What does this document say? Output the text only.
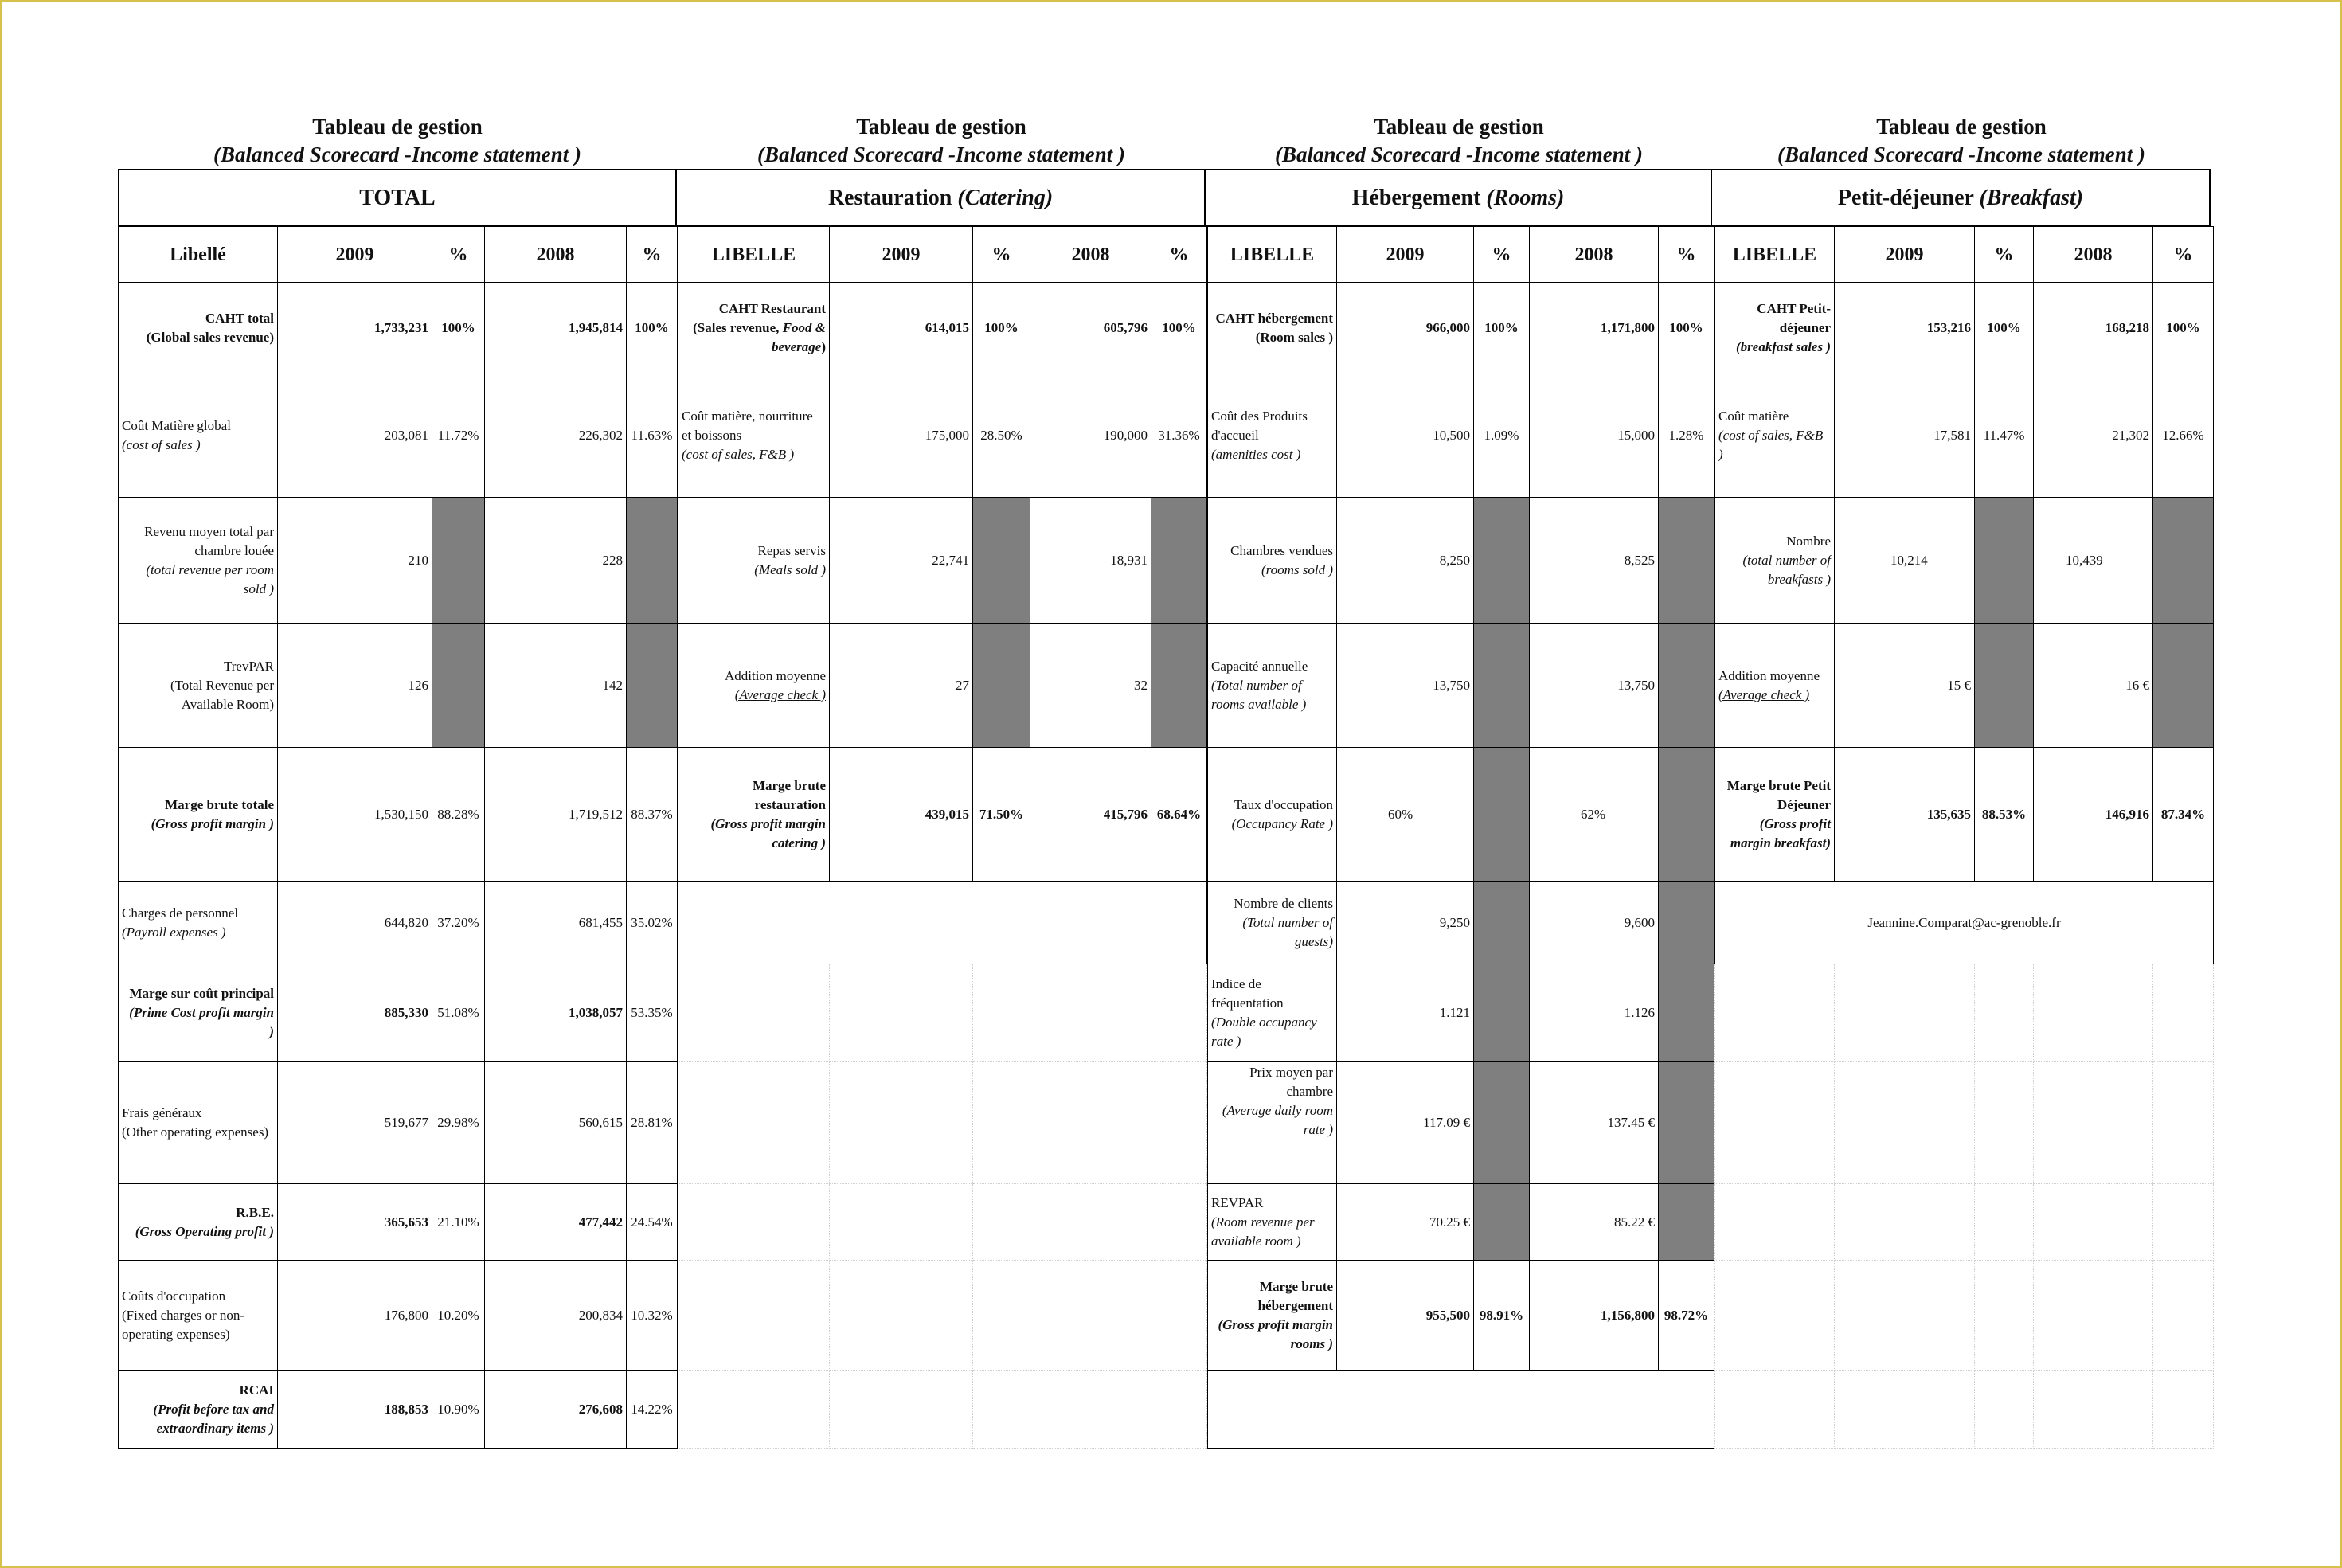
Tableau de gestion
(Balanced Scorecard -Income statement )
Tableau de gestion
(Balanced Scorecard -Income statement )
Tableau de gestion
(Balanced Scorecard -Income statement )
Tableau de gestion
(Balanced Scorecard -Income statement )
TOTAL	Restauration (Catering)	Hébergement (Rooms)	Petit-déjeuner (Breakfast)
Libellé	2009	%	2008	%

CAHT total
(Global sales revenue)	1,733,231	100%	1,945,814	100%

Coût Matière global
(cost of sales )	203,081	11.72%	226,302	11.63%

Revenu moyen total par chambre louée
(total revenue per room sold )	210		228	

TrevPAR
(Total Revenue per Available Room)	126		142	

Marge brute totale
(Gross profit margin )	1,530,150	88.28%	1,719,512	88.37%

Charges de personnel
(Payroll expenses )	644,820	37.20%	681,455	35.02%

Marge sur coût principal
(Prime Cost profit margin )	885,330	51.08%	1,038,057	53.35%

Frais généraux
(Other operating expenses)	519,677	29.98%	560,615	28.81%

R.B.E.
(Gross Operating profit )	365,653	21.10%	477,442	24.54%

Coûts d'occupation
(Fixed charges or non-operating expenses)	176,800	10.20%	200,834	10.32%

RCAI
(Profit before tax and extraordinary items )	188,853	10.90%	276,608	14.22%
LIBELLE	2009	%	2008	%
CAHT Restaurant (Sales revenue, Food & beverage)	614,015	100%	605,796	100%

Coût matière, nourriture et boissons
(cost of sales, F&B )	175,000	28.50%	190,000	31.36%

Repas servis
(Meals sold )	22,741		18,931	

Addition moyenne
(Average check )	27		32	

Marge brute restauration
(Gross profit margin catering )	439,015	71.50%	415,796	68.64%

LIBELLE	2009	%	2008	%

CAHT hébergement
(Room sales )	966,000	100%	1,171,800	100%

Coût des Produits d'accueil
(amenities cost )	10,500	1.09%	15,000	1.28%

Chambres vendues
(rooms sold )	8,250		8,525	

Capacité annuelle
(Total number of rooms available )	13,750		13,750	

Taux d'occupation
(Occupancy Rate )	60%		62%	

Nombre de clients
(Total number of guests)	9,250		9,600	

Indice de fréquentation
(Double occupancy rate )	1.121		1.126	

Prix moyen par chambre
(Average daily room rate )	117.09 €		137.45 €	

REVPAR
(Room revenue per available room )	70.25 €		85.22 €	

Marge brute hébergement
(Gross profit margin rooms )	955,500	98.91%	1,156,800	98.72%

LIBELLE	2009	%	2008	%

CAHT Petit-déjeuner
(breakfast sales )	153,216	100%	168,218	100%

Coût matière
(cost of sales, F&B )	17,581	11.47%	21,302	12.66%

Nombre
(total number of breakfasts )	10,214		10,439	

Addition moyenne
(Average check )	15 €		16 €	

Marge brute Petit Déjeuner
(Gross profit margin breakfast)	135,635	88.53%	146,916	87.34%
Jeannine.Comparat@ac-grenoble.fr				
